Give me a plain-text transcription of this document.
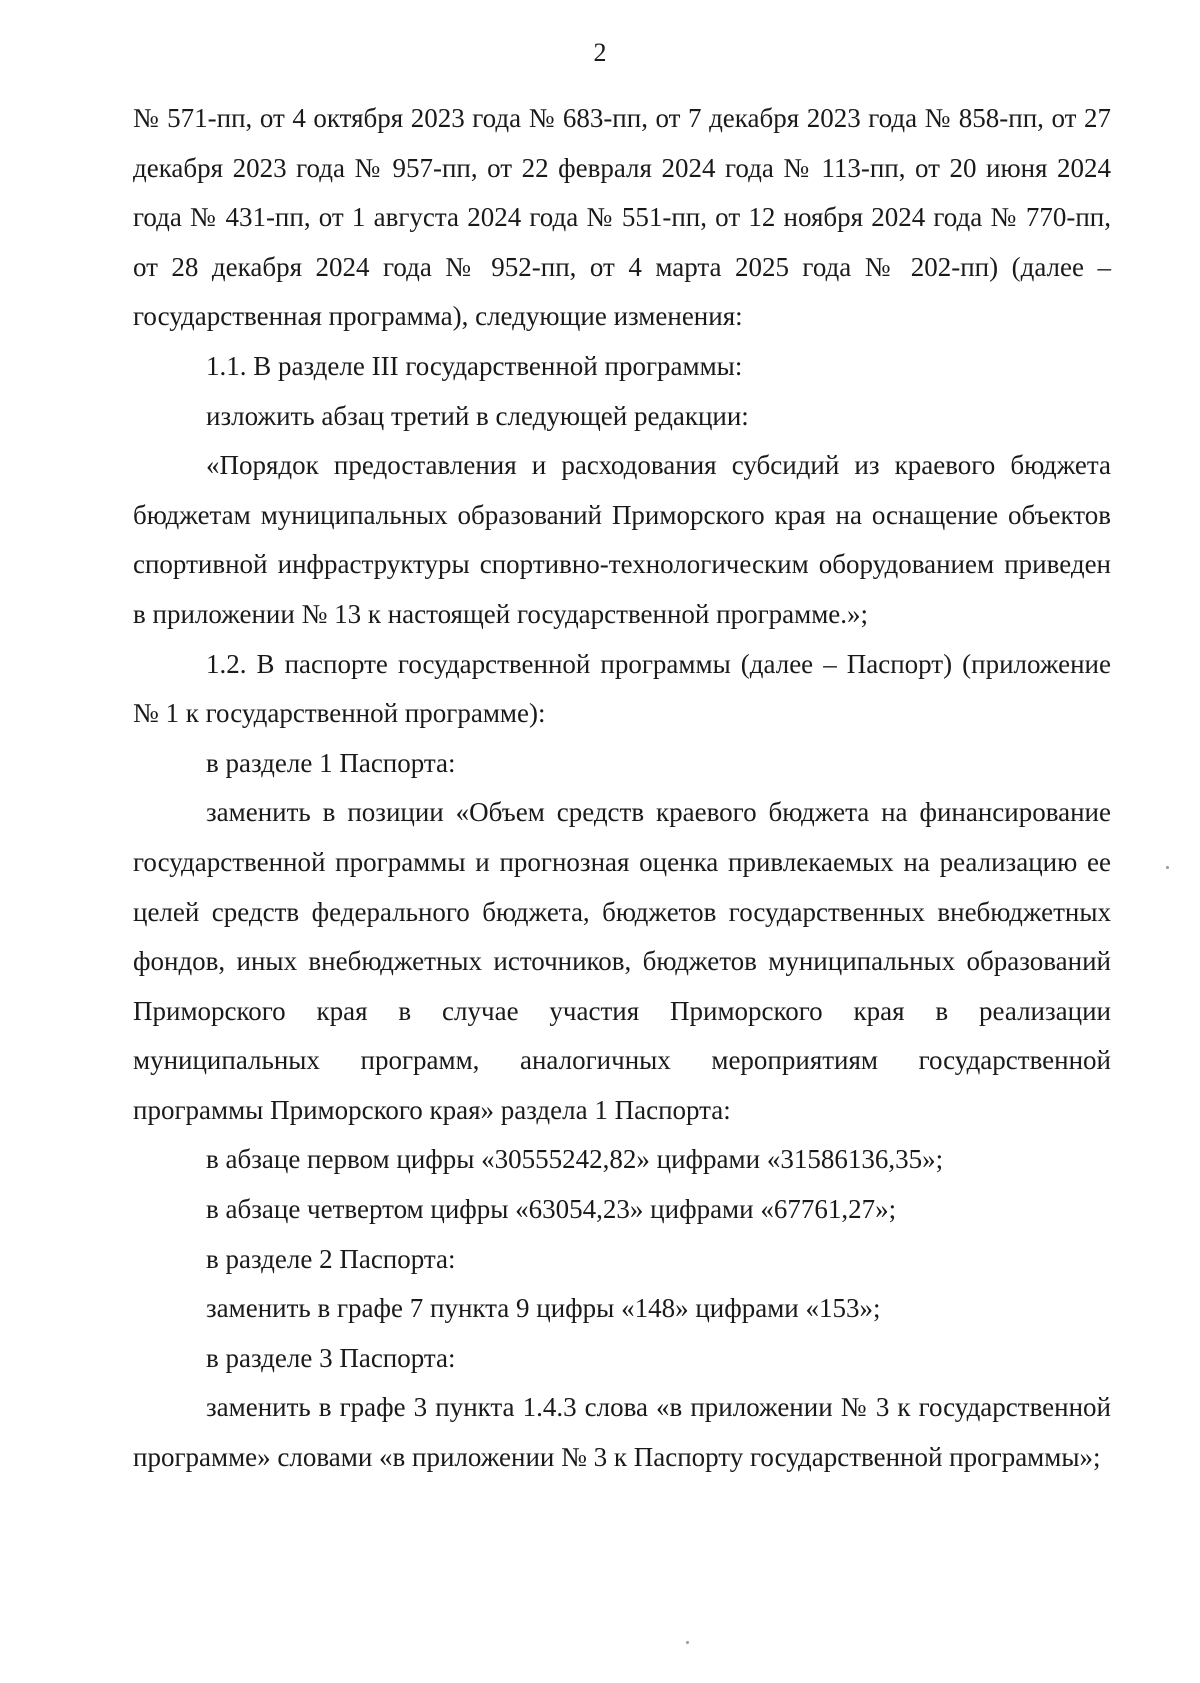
2

№ 571-пп, от 4 октября 2023 года № 683-пп, от 7 декабря 2023 года № 858-пп, от 27 декабря 2023 года № 957-пп, от 22 февраля 2024 года № 113-пп, от 20 июня 2024 года № 431-пп, от 1 августа 2024 года № 551-пп, от 12 ноября 2024 года № 770-пп, от 28 декабря 2024 года № 952-пп, от 4 марта 2025 года № 202-пп) (далее – государственная программа), следующие изменения:

1.1. В разделе III государственной программы:

изложить абзац третий в следующей редакции:

«Порядок предоставления и расходования субсидий из краевого бюджета бюджетам муниципальных образований Приморского края на оснащение объектов спортивной инфраструктуры спортивно-технологическим оборудованием приведен в приложении № 13 к настоящей государственной программе.»;

1.2. В паспорте государственной программы (далее – Паспорт) (приложение № 1 к государственной программе):

в разделе 1 Паспорта:

заменить в позиции «Объем средств краевого бюджета на финансирование государственной программы и прогнозная оценка привлекаемых на реализацию ее целей средств федерального бюджета, бюджетов государственных внебюджетных фондов, иных внебюджетных источников, бюджетов муниципальных образований Приморского края в случае участия Приморского края в реализации муниципальных программ, аналогичных мероприятиям государственной программы Приморского края» раздела 1 Паспорта:

в абзаце первом цифры «30555242,82» цифрами «31586136,35»;

в абзаце четвертом цифры «63054,23» цифрами «67761,27»;

в разделе 2 Паспорта:

заменить в графе 7 пункта 9 цифры «148» цифрами «153»;

в разделе 3 Паспорта:

заменить в графе 3 пункта 1.4.3 слова «в приложении № 3 к государственной программе» словами «в приложении № 3 к Паспорту государственной программы»;
